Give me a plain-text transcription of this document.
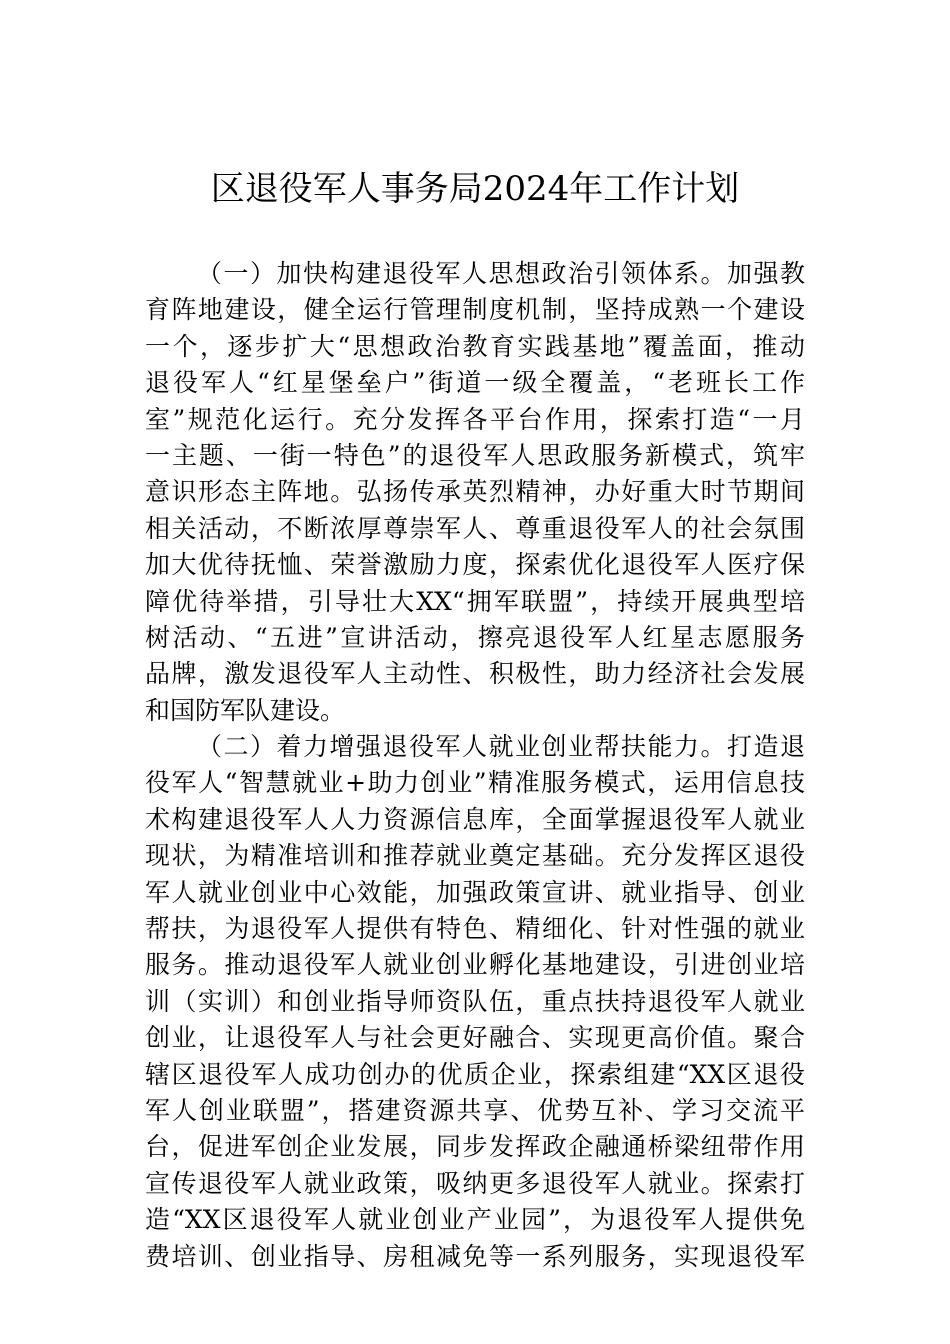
区退役军人事务局2024年工作计划
（一）加快构建退役军人思想政治引领体系。加强教
育阵地建设，健全运行管理制度机制，坚持成熟一个建设
一个，逐步扩大“思想政治教育实践基地”覆盖面，推动
退役军人“红星堡垒户”街道一级全覆盖，“老班长工作
室”规范化运行。充分发挥各平台作用，探索打造“一月
一主题、一街一特色”的退役军人思政服务新模式，筑牢
意识形态主阵地。弘扬传承英烈精神，办好重大时节期间
相关活动，不断浓厚尊崇军人、尊重退役军人的社会氛围
加大优待抚恤、荣誉激励力度，探索优化退役军人医疗保
障优待举措，引导壮大XX“拥军联盟”，持续开展典型培
树活动、“五进”宣讲活动，擦亮退役军人红星志愿服务
品牌，激发退役军人主动性、积极性，助力经济社会发展
和国防军队建设。
（二）着力增强退役军人就业创业帮扶能力。打造退
役军人“智慧就业+助力创业”精准服务模式，运用信息技
术构建退役军人人力资源信息库，全面掌握退役军人就业
现状，为精准培训和推荐就业奠定基础。充分发挥区退役
军人就业创业中心效能，加强政策宣讲、就业指导、创业
帮扶，为退役军人提供有特色、精细化、针对性强的就业
服务。推动退役军人就业创业孵化基地建设，引进创业培
训（实训）和创业指导师资队伍，重点扶持退役军人就业
创业，让退役军人与社会更好融合、实现更高价值。聚合
辖区退役军人成功创办的优质企业，探索组建“XX区退役
军人创业联盟”，搭建资源共享、优势互补、学习交流平
台，促进军创企业发展，同步发挥政企融通桥梁纽带作用
宣传退役军人就业政策，吸纳更多退役军人就业。探索打
造“XX区退役军人就业创业产业园”，为退役军人提供免
费培训、创业指导、房租减免等一系列服务，实现退役军
